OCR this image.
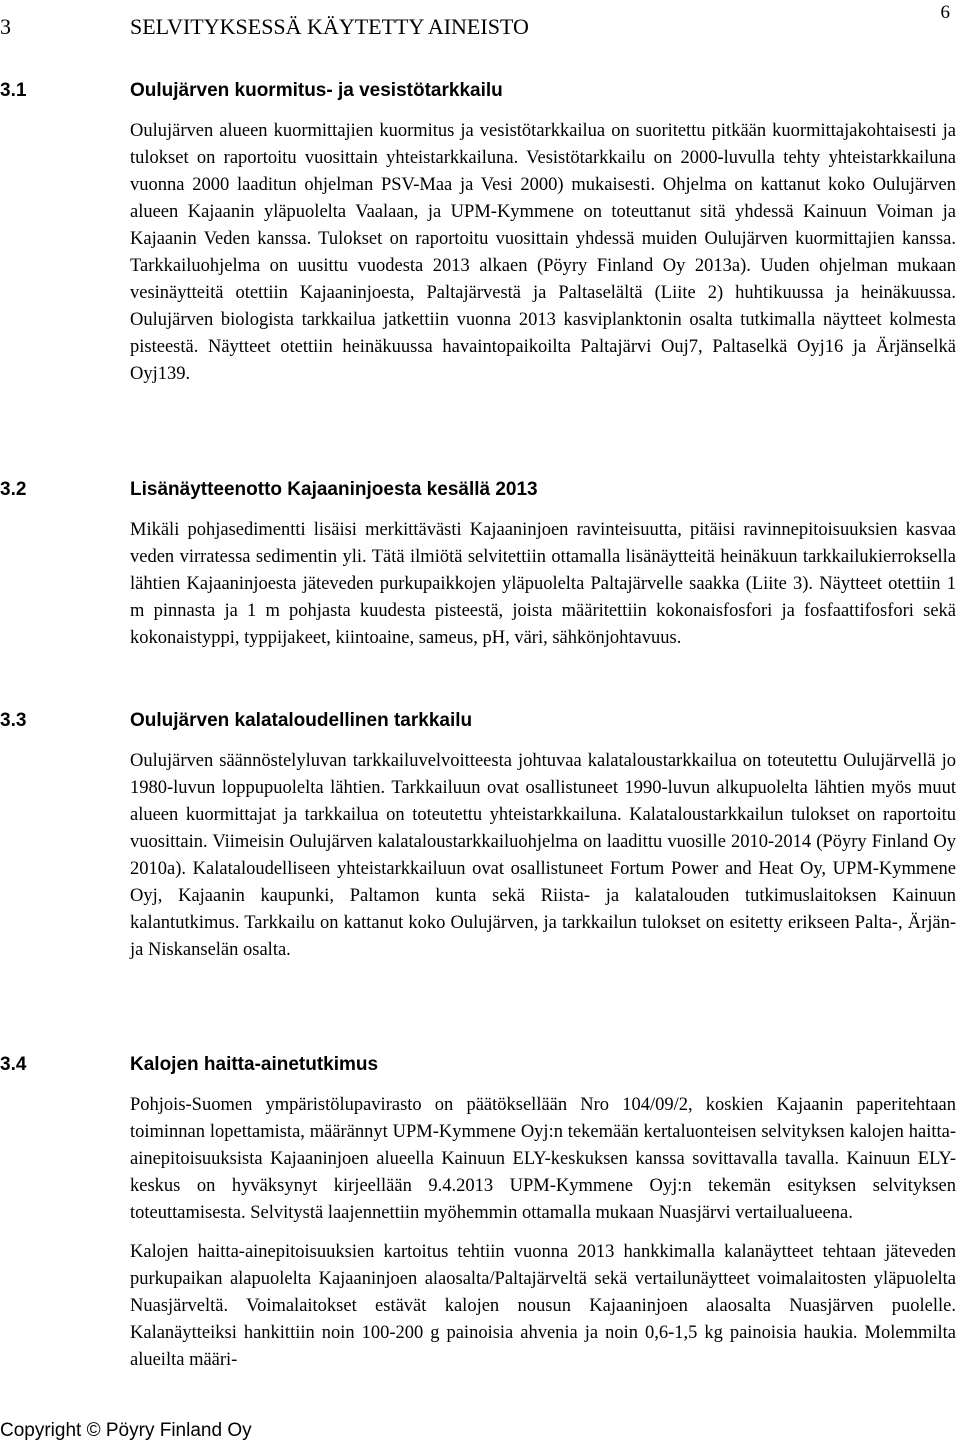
6
3	SELVITYKSESSÄ KÄYTETTY AINEISTO
3.1	Oulujärven kuormitus- ja vesistötarkkailu

Oulujärven alueen kuormittajien kuormitus ja vesistötarkkailua on suoritettu pitkään kuormittajakohtaisesti ja tulokset on raportoitu vuosittain yhteistarkkailuna. Vesistötarkkailu on 2000-luvulla tehty yhteistarkkailuna vuonna 2000 laaditun ohjelman PSV-Maa ja Vesi 2000) mukaisesti. Ohjelma on kattanut koko Oulujärven alueen Kajaanin yläpuolelta Vaalaan, ja UPM-Kymmene on toteuttanut sitä yhdessä Kainuun Voiman ja Kajaanin Veden kanssa. Tulokset on raportoitu vuosittain yhdessä muiden Oulujärven kuormittajien kanssa. Tarkkailuohjelma on uusittu vuodesta 2013 alkaen (Pöyry Finland Oy 2013a). Uuden ohjelman mukaan vesinäytteitä otettiin Kajaaninjoesta, Paltajärvestä ja Paltaselältä (Liite 2) huhtikuussa ja heinäkuussa. Oulujärven biologista tarkkailua jatkettiin vuonna 2013 kasviplanktonin osalta tutkimalla näytteet kolmesta pisteestä. Näytteet otettiin heinäkuussa havaintopaikoilta Paltajärvi Ouj7, Paltaselkä Oyj16 ja Ärjänselkä Oyj139.

3.2	Lisänäytteenotto Kajaaninjoesta kesällä 2013

Mikäli pohjasedimentti lisäisi merkittävästi Kajaaninjoen ravinteisuutta, pitäisi ravinnepitoisuuksien kasvaa veden virratessa sedimentin yli. Tätä ilmiötä selvitettiin ottamalla lisänäytteitä heinäkuun tarkkailukierroksella lähtien Kajaaninjoesta jäteveden purkupaikkojen yläpuolelta Paltajärvelle saakka (Liite 3). Näytteet otettiin 1 m pinnasta ja 1 m pohjasta kuudesta pisteestä, joista määritettiin kokonaisfosfori ja fosfaattifosfori sekä kokonaistyppi, typpijakeet, kiintoaine, sameus, pH, väri, sähkönjohtavuus.

3.3	Oulujärven kalataloudellinen tarkkailu

Oulujärven säännöstelyluvan tarkkailuvelvoitteesta johtuvaa kalataloustarkkailua on toteutettu Oulujärvellä jo 1980-luvun loppupuolelta lähtien. Tarkkailuun ovat osallistuneet 1990-luvun alkupuolelta lähtien myös muut alueen kuormittajat ja tarkkailua on toteutettu yhteistarkkailuna. Kalataloustarkkailun tulokset on raportoitu vuosittain. Viimeisin Oulujärven kalataloustarkkailuohjelma on laadittu vuosille 2010-2014 (Pöyry Finland Oy 2010a). Kalataloudelliseen yhteistarkkailuun ovat osallistuneet Fortum Power and Heat Oy, UPM-Kymmene Oyj, Kajaanin kaupunki, Paltamon kunta sekä Riista- ja kalatalouden tutkimuslaitoksen Kainuun kalantutkimus. Tarkkailu on kattanut koko Oulujärven, ja tarkkailun tulokset on esitetty erikseen Palta-, Ärjän- ja Niskanselän osalta.

3.4	Kalojen haitta-ainetutkimus

Pohjois-Suomen ympäristölupavirasto on päätöksellään Nro 104/09/2, koskien Kajaanin paperitehtaan toiminnan lopettamista, määrännyt UPM-Kymmene Oyj:n tekemään kertaluonteisen selvityksen kalojen haitta-ainepitoisuuksista Kajaaninjoen alueella Kainuun ELY-keskuksen kanssa sovittavalla tavalla. Kainuun ELY-keskus on hyväksynyt kirjeellään 9.4.2013 UPM-Kymmene Oyj:n tekemän esityksen selvityksen toteuttamisesta. Selvitystä laajennettiin myöhemmin ottamalla mukaan Nuasjärvi vertailualueena.

Kalojen haitta-ainepitoisuuksien kartoitus tehtiin vuonna 2013 hankkimalla kalanäytteet tehtaan jäteveden purkupaikan alapuolelta Kajaaninjoen alaosalta/Paltajärveltä sekä vertailunäytteet voimalaitosten yläpuolelta Nuasjärveltä. Voimalaitokset estävät kalojen nousun Kajaaninjoen alaosalta Nuasjärven puolelle. Kalanäytteiksi hankittiin noin 100-200 g painoisia ahvenia ja noin 0,6-1,5 kg painoisia haukia. Molemmilta alueilta määri-

Copyright © Pöyry Finland Oy
